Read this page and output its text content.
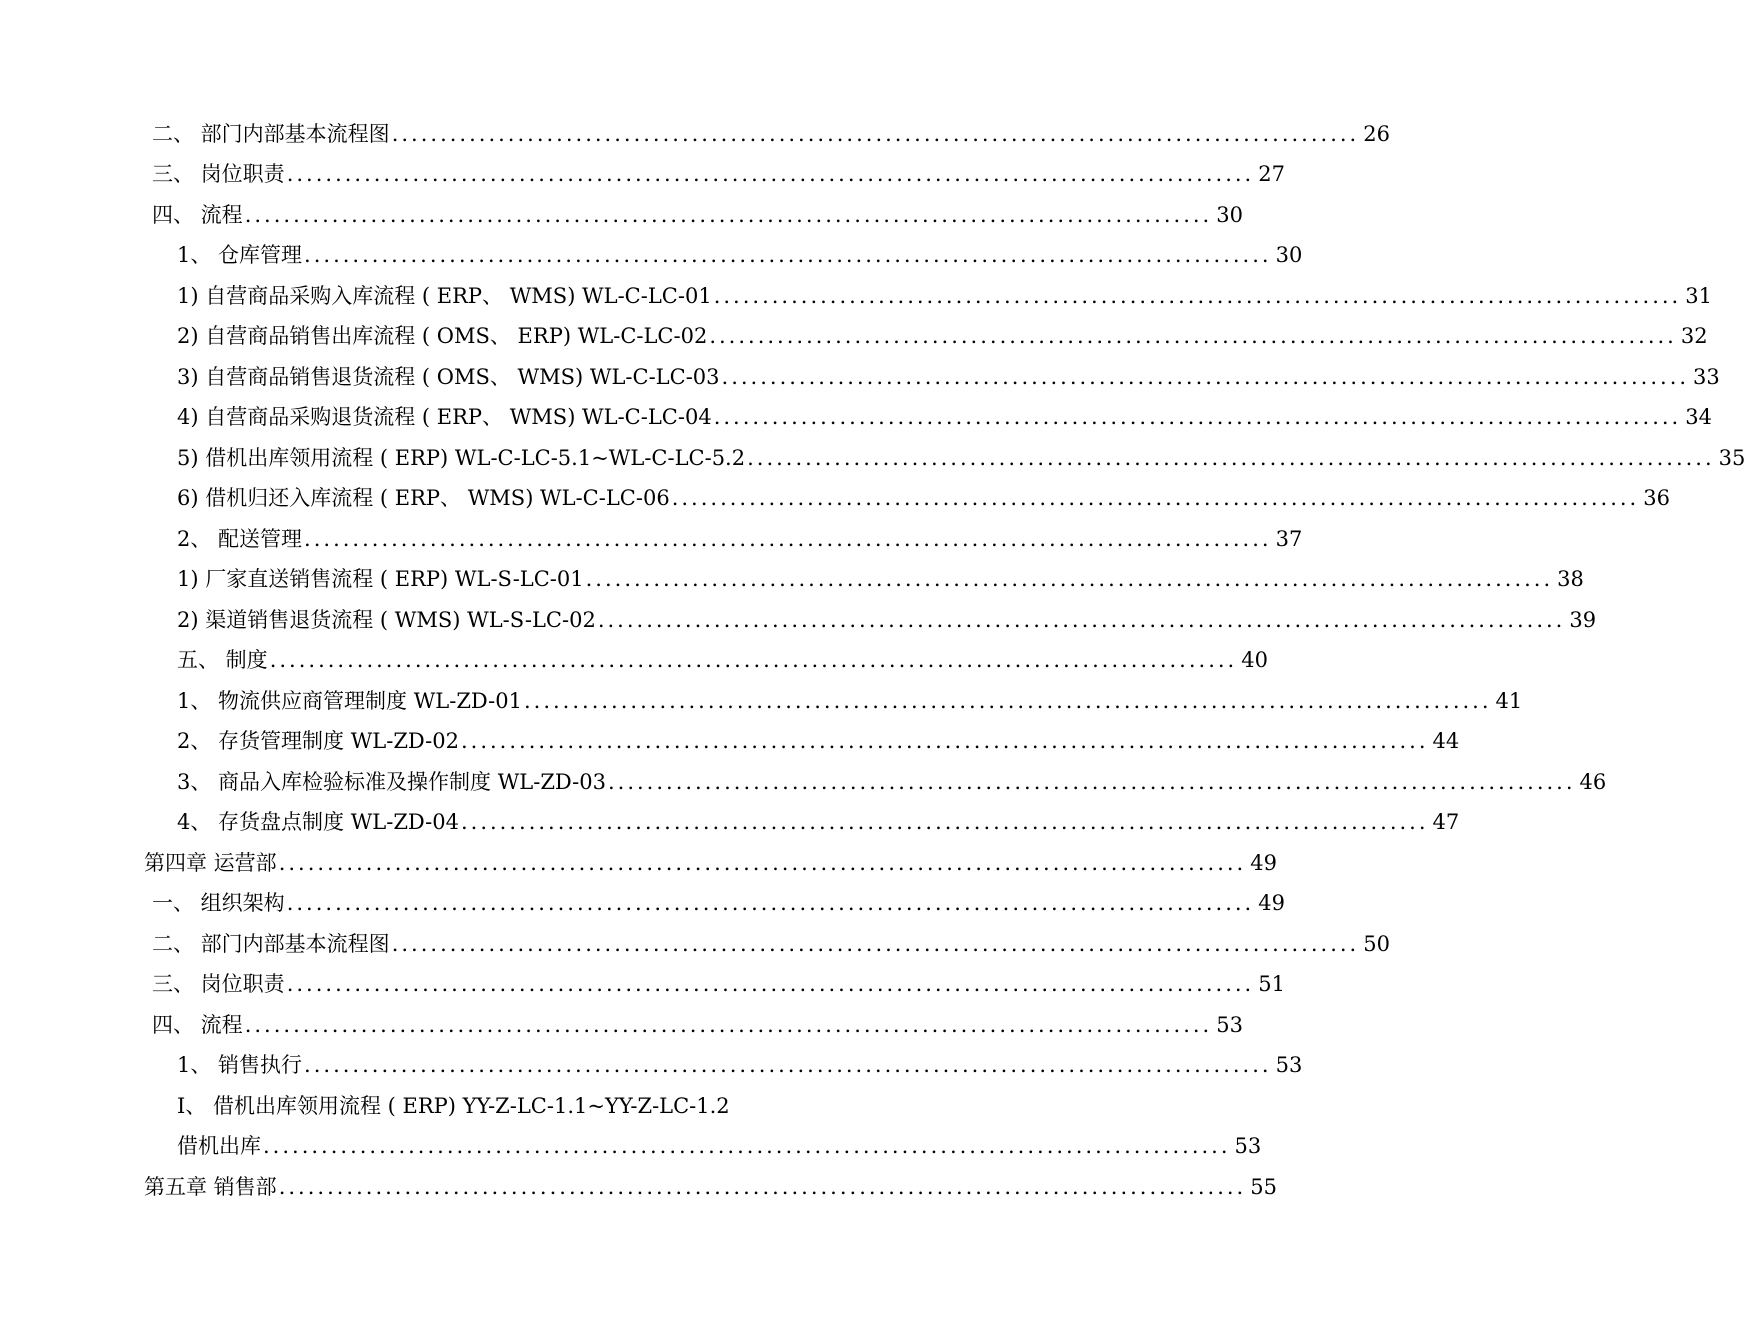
二、 部门内部基本流程图 .................................................................................................... 26
三、 岗位职责 .................................................................................................... 27
四、 流程 .................................................................................................... 30
1、 仓库管理 .................................................................................................... 30
1) 自营商品采购入库流程 ( ERP、 WMS) WL-C-LC-01 .................................................................................................... 31
2) 自营商品销售出库流程 ( OMS、 ERP) WL-C-LC-02 .................................................................................................... 32
3) 自营商品销售退货流程 ( OMS、 WMS) WL-C-LC-03 .................................................................................................... 33
4) 自营商品采购退货流程 ( ERP、 WMS) WL-C-LC-04 .................................................................................................... 34
5) 借机出库领用流程 ( ERP) WL-C-LC-5.1~WL-C-LC-5.2 .................................................................................................... 35
6) 借机归还入库流程 ( ERP、 WMS) WL-C-LC-06 .................................................................................................... 36
2、 配送管理 .................................................................................................... 37
1) 厂家直送销售流程 ( ERP) WL-S-LC-01 .................................................................................................... 38
2) 渠道销售退货流程 ( WMS) WL-S-LC-02 .................................................................................................... 39
五、 制度 .................................................................................................... 40
1、 物流供应商管理制度 WL-ZD-01 .................................................................................................... 41
2、 存货管理制度 WL-ZD-02 .................................................................................................... 44
3、 商品入库检验标准及操作制度 WL-ZD-03 .................................................................................................... 46
4、 存货盘点制度 WL-ZD-04 .................................................................................................... 47
第四章 运营部 .................................................................................................... 49
一、 组织架构 .................................................................................................... 49
二、 部门内部基本流程图 .................................................................................................... 50
三、 岗位职责 .................................................................................................... 51
四、 流程 .................................................................................................... 53
1、 销售执行 .................................................................................................... 53
I、 借机出库领用流程 ( ERP) YY-Z-LC-1.1~YY-Z-LC-1.2
借机出库 .................................................................................................... 53
第五章 销售部 .................................................................................................... 55
